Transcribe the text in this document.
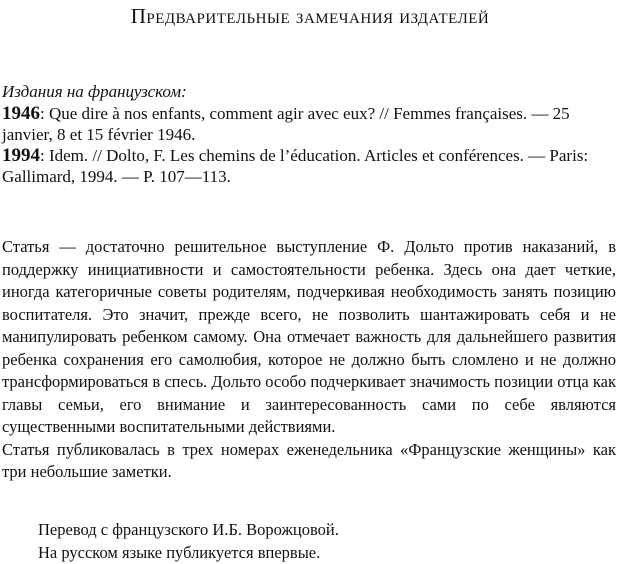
Предварительные замечания издателей
Издания на французском:

1946: Que dire à nos enfants, comment agir avec eux? // Femmes françaises. — 25 janvier, 8 et 15 février 1946.

1994: Idem. // Dolto, F. Les chemins de l’éducation. Articles et conférences. — Paris: Gallimard, 1994. — P. 107—113.

Статья — достаточно решительное выступление Ф. Дольто против наказаний, в поддержку инициативности и самостоятельности ребенка. Здесь она дает четкие, иногда категоричные советы родителям, подчеркивая необходимость занять позицию воспитателя. Это значит, прежде всего, не позволить шантажировать себя и не манипулировать ребенком самому. Она отмечает важность для дальнейшего развития ребенка сохранения его самолюбия, которое не должно быть сломлено и не должно трансформироваться в спесь. Дольто особо подчеркивает значимость позиции отца как главы семьи, его внимание и заинтересованность сами по себе являются существенными воспитательными действиями.

Статья публиковалась в трех номерах еженедельника «Французские женщины» как три небольшие заметки.

Перевод с французского И.Б. Ворожцовой.
На русском языке публикуется впервые.
